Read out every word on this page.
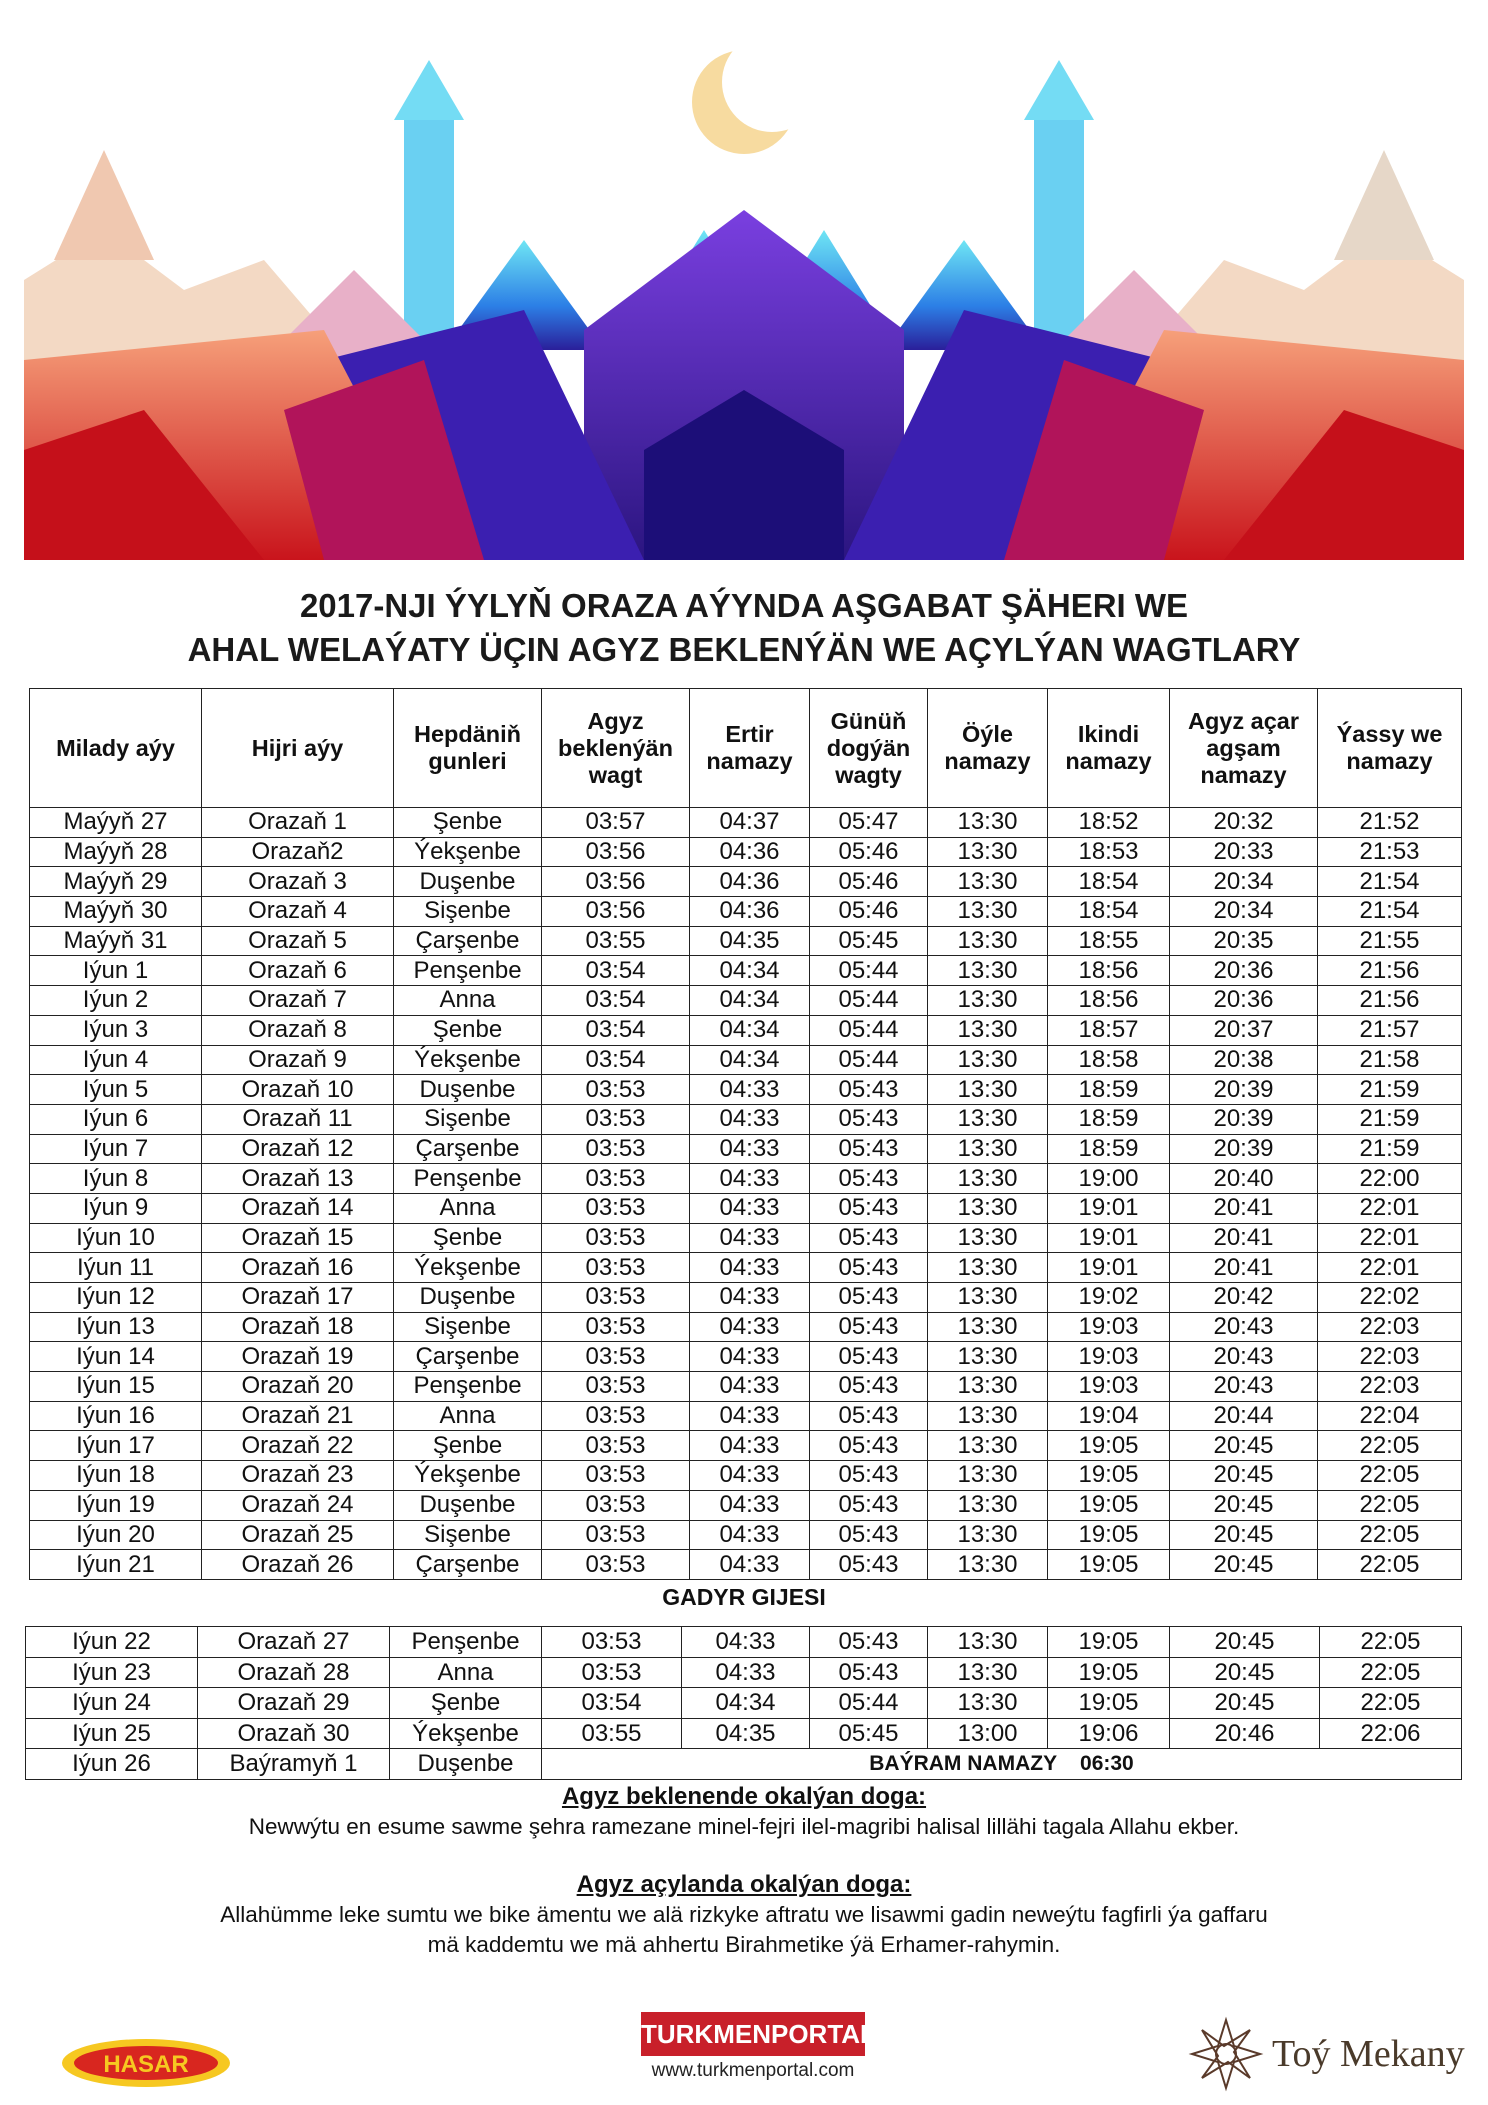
2017-NJI ÝYLYŇ ORAZA AÝYNDA AŞGABAT ŞÄHERI WE
AHAL WELAÝATY ÜÇIN AGYZ BEKLENÝÄN WE AÇYLÝAN WAGTLARY
Milady aýy	Hijri aýy	Hepdäniň gunleri	Agyz beklenýän wagt	Ertir namazy	Günüň dogýän wagty	Öýle namazy	Ikindi namazy	Agyz açar agşam namazy	Ýassy we namazy
Maýyň 27	Orazaň 1	Şenbe	03:57	04:37	05:47	13:30	18:52	20:32	21:52
Maýyň 28	Orazaň2	Ýekşenbe	03:56	04:36	05:46	13:30	18:53	20:33	21:53
Maýyň 29	Orazaň 3	Duşenbe	03:56	04:36	05:46	13:30	18:54	20:34	21:54
Maýyň 30	Orazaň 4	Sişenbe	03:56	04:36	05:46	13:30	18:54	20:34	21:54
Maýyň 31	Orazaň 5	Çarşenbe	03:55	04:35	05:45	13:30	18:55	20:35	21:55
Iýun 1	Orazaň 6	Penşenbe	03:54	04:34	05:44	13:30	18:56	20:36	21:56
Iýun 2	Orazaň 7	Anna	03:54	04:34	05:44	13:30	18:56	20:36	21:56
Iýun 3	Orazaň 8	Şenbe	03:54	04:34	05:44	13:30	18:57	20:37	21:57
Iýun 4	Orazaň 9	Ýekşenbe	03:54	04:34	05:44	13:30	18:58	20:38	21:58
Iýun 5	Orazaň 10	Duşenbe	03:53	04:33	05:43	13:30	18:59	20:39	21:59
Iýun 6	Orazaň 11	Sişenbe	03:53	04:33	05:43	13:30	18:59	20:39	21:59
Iýun 7	Orazaň 12	Çarşenbe	03:53	04:33	05:43	13:30	18:59	20:39	21:59
Iýun 8	Orazaň 13	Penşenbe	03:53	04:33	05:43	13:30	19:00	20:40	22:00
Iýun 9	Orazaň 14	Anna	03:53	04:33	05:43	13:30	19:01	20:41	22:01
Iýun 10	Orazaň 15	Şenbe	03:53	04:33	05:43	13:30	19:01	20:41	22:01
Iýun 11	Orazaň 16	Ýekşenbe	03:53	04:33	05:43	13:30	19:01	20:41	22:01
Iýun 12	Orazaň 17	Duşenbe	03:53	04:33	05:43	13:30	19:02	20:42	22:02
Iýun 13	Orazaň 18	Sişenbe	03:53	04:33	05:43	13:30	19:03	20:43	22:03
Iýun 14	Orazaň 19	Çarşenbe	03:53	04:33	05:43	13:30	19:03	20:43	22:03
Iýun 15	Orazaň 20	Penşenbe	03:53	04:33	05:43	13:30	19:03	20:43	22:03
Iýun 16	Orazaň 21	Anna	03:53	04:33	05:43	13:30	19:04	20:44	22:04
Iýun 17	Orazaň 22	Şenbe	03:53	04:33	05:43	13:30	19:05	20:45	22:05
Iýun 18	Orazaň 23	Ýekşenbe	03:53	04:33	05:43	13:30	19:05	20:45	22:05
Iýun 19	Orazaň 24	Duşenbe	03:53	04:33	05:43	13:30	19:05	20:45	22:05
Iýun 20	Orazaň 25	Sişenbe	03:53	04:33	05:43	13:30	19:05	20:45	22:05
Iýun 21	Orazaň 26	Çarşenbe	03:53	04:33	05:43	13:30	19:05	20:45	22:05
GADYR GIJESI
Iýun 22	Orazaň 27	Penşenbe	03:53	04:33	05:43	13:30	19:05	20:45	22:05
Iýun 23	Orazaň 28	Anna	03:53	04:33	05:43	13:30	19:05	20:45	22:05
Iýun 24	Orazaň 29	Şenbe	03:54	04:34	05:44	13:30	19:05	20:45	22:05
Iýun 25	Orazaň 30	Ýekşenbe	03:55	04:35	05:45	13:00	19:06	20:46	22:06
Iýun 26	Baýramyň 1	Duşenbe	BAÝRAM NAMAZY    06:30						
Agyz beklenende okalýan doga:
Newwýtu en esume sawme şehra ramezane minel-fejri ilel-magribi halisal lillähi tagala Allahu ekber.
Agyz açylanda okalýan doga:
Allahümme leke sumtu we bike ämentu we alä rizkyke aftratu we lisawmi gadin neweýtu fagfirli ýa gaffaru
mä kaddemtu we mä ahhertu Birahmetike ýä Erhamer-rahymin.
HASAR
TURKMENPORTAL
www.turkmenportal.com	Toý Mekany
